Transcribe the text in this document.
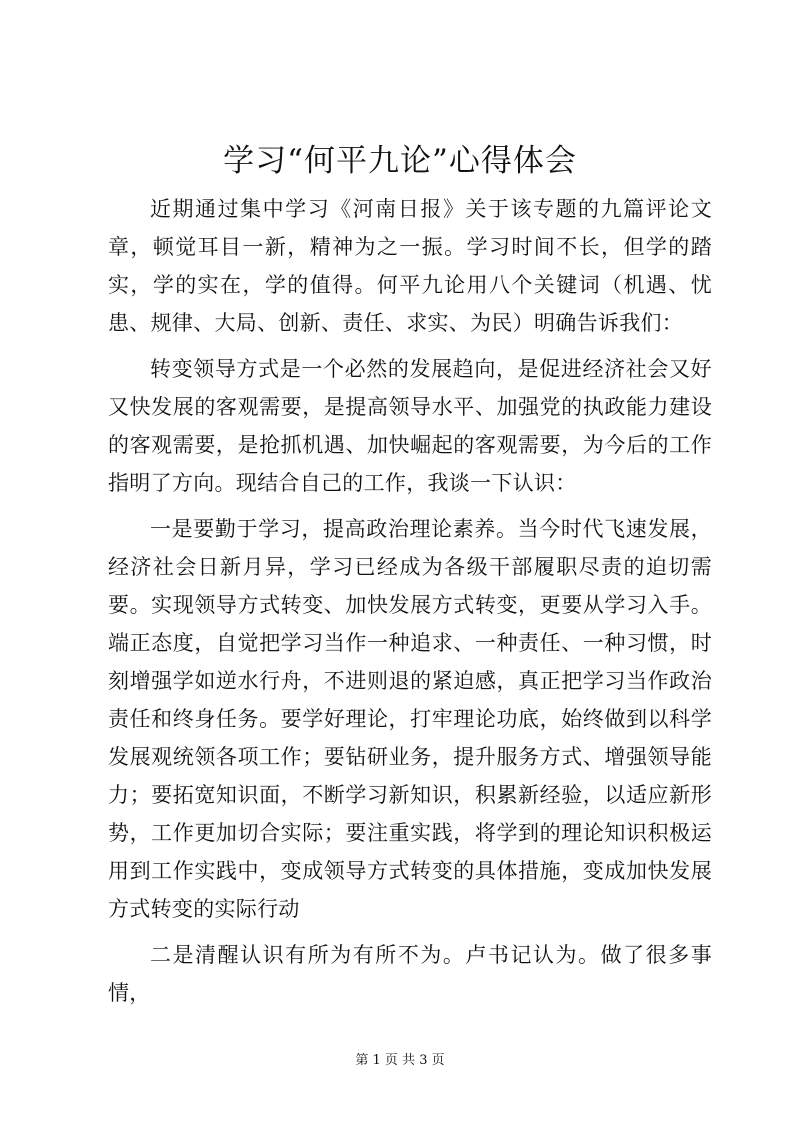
学习“何平九论”心得体会

近期通过集中学习《河南日报》关于该专题的九篇评论文章，顿觉耳目一新，精神为之一振。学习时间不长，但学的踏实，学的实在，学的值得。何平九论用八个关键词（机遇、忧患、规律、大局、创新、责任、求实、为民）明确告诉我们：

转变领导方式是一个必然的发展趋向，是促进经济社会又好又快发展的客观需要，是提高领导水平、加强党的执政能力建设的客观需要，是抢抓机遇、加快崛起的客观需要，为今后的工作指明了方向。现结合自己的工作，我谈一下认识：

一是要勤于学习，提高政治理论素养。当今时代飞速发展，经济社会日新月异，学习已经成为各级干部履职尽责的迫切需要。实现领导方式转变、加快发展方式转变，更要从学习入手。端正态度，自觉把学习当作一种追求、一种责任、一种习惯，时刻增强学如逆水行舟，不进则退的紧迫感，真正把学习当作政治责任和终身任务。要学好理论，打牢理论功底，始终做到以科学发展观统领各项工作；要钻研业务，提升服务方式、增强领导能力；要拓宽知识面，不断学习新知识，积累新经验，以适应新形势，工作更加切合实际；要注重实践，将学到的理论知识积极运用到工作实践中，变成领导方式转变的具体措施，变成加快发展方式转变的实际行动

二是清醒认识有所为有所不为。卢书记认为。做了很多事情，

第 1 页 共 3 页
